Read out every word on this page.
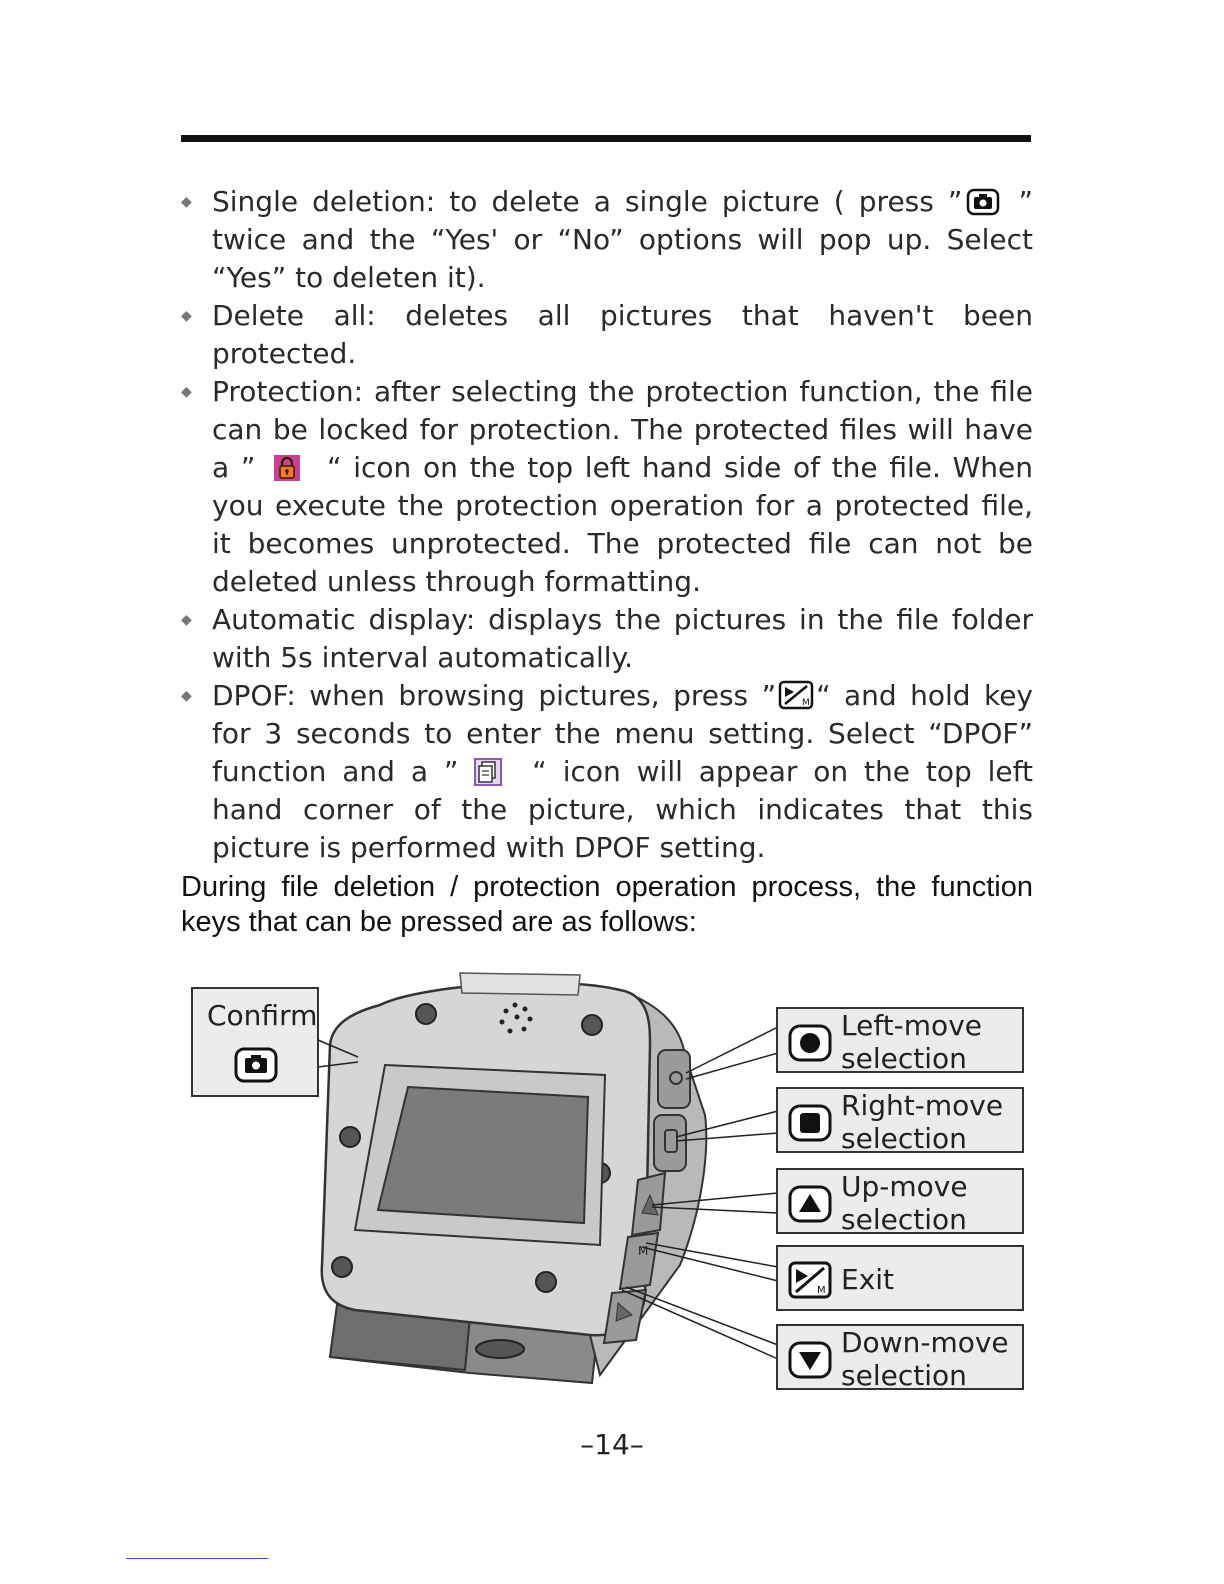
◆ Single deletion: to delete a single picture ( press ” ” twice and the “Yes' or “No” options will pop up. Select “Yes” to deleten it).
◆ Delete all: deletes all pictures that haven't been protected.
◆ Protection: after selecting the protection function, the file can be locked for protection. The protected files will have a ” “ icon on the top left hand side of the file. When you execute the protection operation for a protected file, it becomes unprotected. The protected file can not be deleted unless through formatting.
◆ Automatic display: displays the pictures in the file folder with 5s interval automatically.
◆ DPOF: when browsing pictures, press ”	M “ and hold key for 3 seconds to enter the menu setting. Select “DPOF” function and a ” “ icon will appear on the top left hand corner of the picture, which indicates that this picture is performed with DPOF setting.

During file deletion / protection operation process, the function keys that can be pressed are as follows:

M
Confirm	Left-move
selection
Right-move
selection
Up-move
selection
M Exit
Down-move
selection
–14–
